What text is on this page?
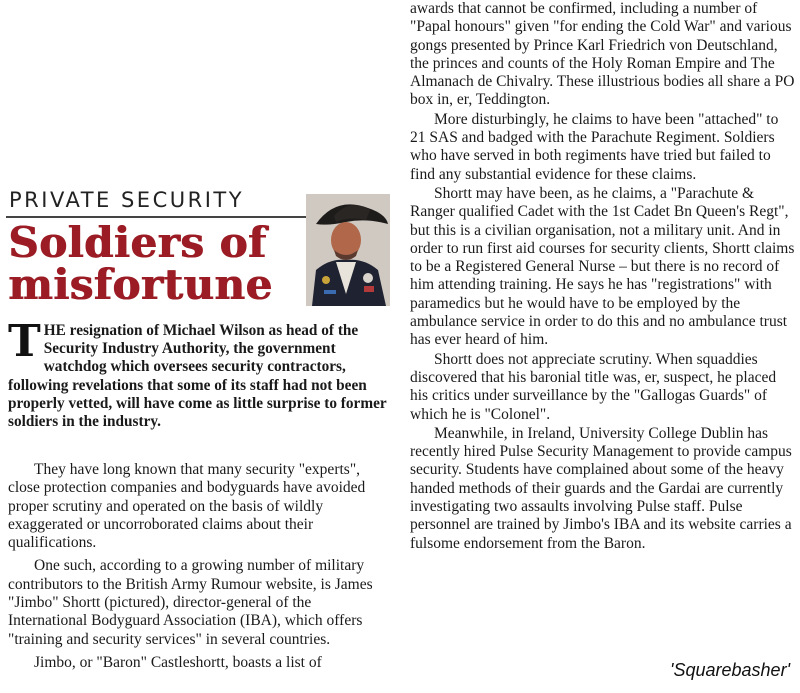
PRIVATE SECURITY
Soldiers of misfortune
THE resignation of Michael Wilson as head of the Security Industry Authority, the government watchdog which oversees security contractors, following revelations that some of its staff had not been properly vetted, will have come as little surprise to former soldiers in the industry.

They have long known that many security "experts", close protection companies and bodyguards have avoided proper scrutiny and operated on the basis of wildly exaggerated or uncorroborated claims about their qualifications.

One such, according to a growing number of military contributors to the British Army Rumour website, is James "Jimbo" Shortt (pictured), director-general of the International Bodyguard Association (IBA), which offers "training and security services" in several countries.

Jimbo, or "Baron" Castleshortt, boasts a list of

awards that cannot be confirmed, including a number of "Papal honours" given "for ending the Cold War" and various gongs presented by Prince Karl Friedrich von Deutschland, the princes and counts of the Holy Roman Empire and The Almanach de Chivalry. These illustrious bodies all share a PO box in, er, Teddington.

More disturbingly, he claims to have been "attached" to 21 SAS and badged with the Parachute Regiment. Soldiers who have served in both regiments have tried but failed to find any substantial evidence for these claims.

Shortt may have been, as he claims, a "Parachute & Ranger qualified Cadet with the 1st Cadet Bn Queen's Regt", but this is a civilian organisation, not a military unit. And in order to run first aid courses for security clients, Shortt claims to be a Registered General Nurse – but there is no record of him attending training. He says he has "registrations" with paramedics but he would have to be employed by the ambulance service in order to do this and no ambulance trust has ever heard of him.

Shortt does not appreciate scrutiny. When squaddies discovered that his baronial title was, er, suspect, he placed his critics under surveillance by the "Gallogas Guards" of which he is "Colonel".

Meanwhile, in Ireland, University College Dublin has recently hired Pulse Security Management to provide campus security. Students have complained about some of the heavy handed methods of their guards and the Gardai are currently investigating two assaults involving Pulse staff. Pulse personnel are trained by Jimbo's IBA and its website carries a fulsome endorsement from the Baron.

'Squarebasher'
